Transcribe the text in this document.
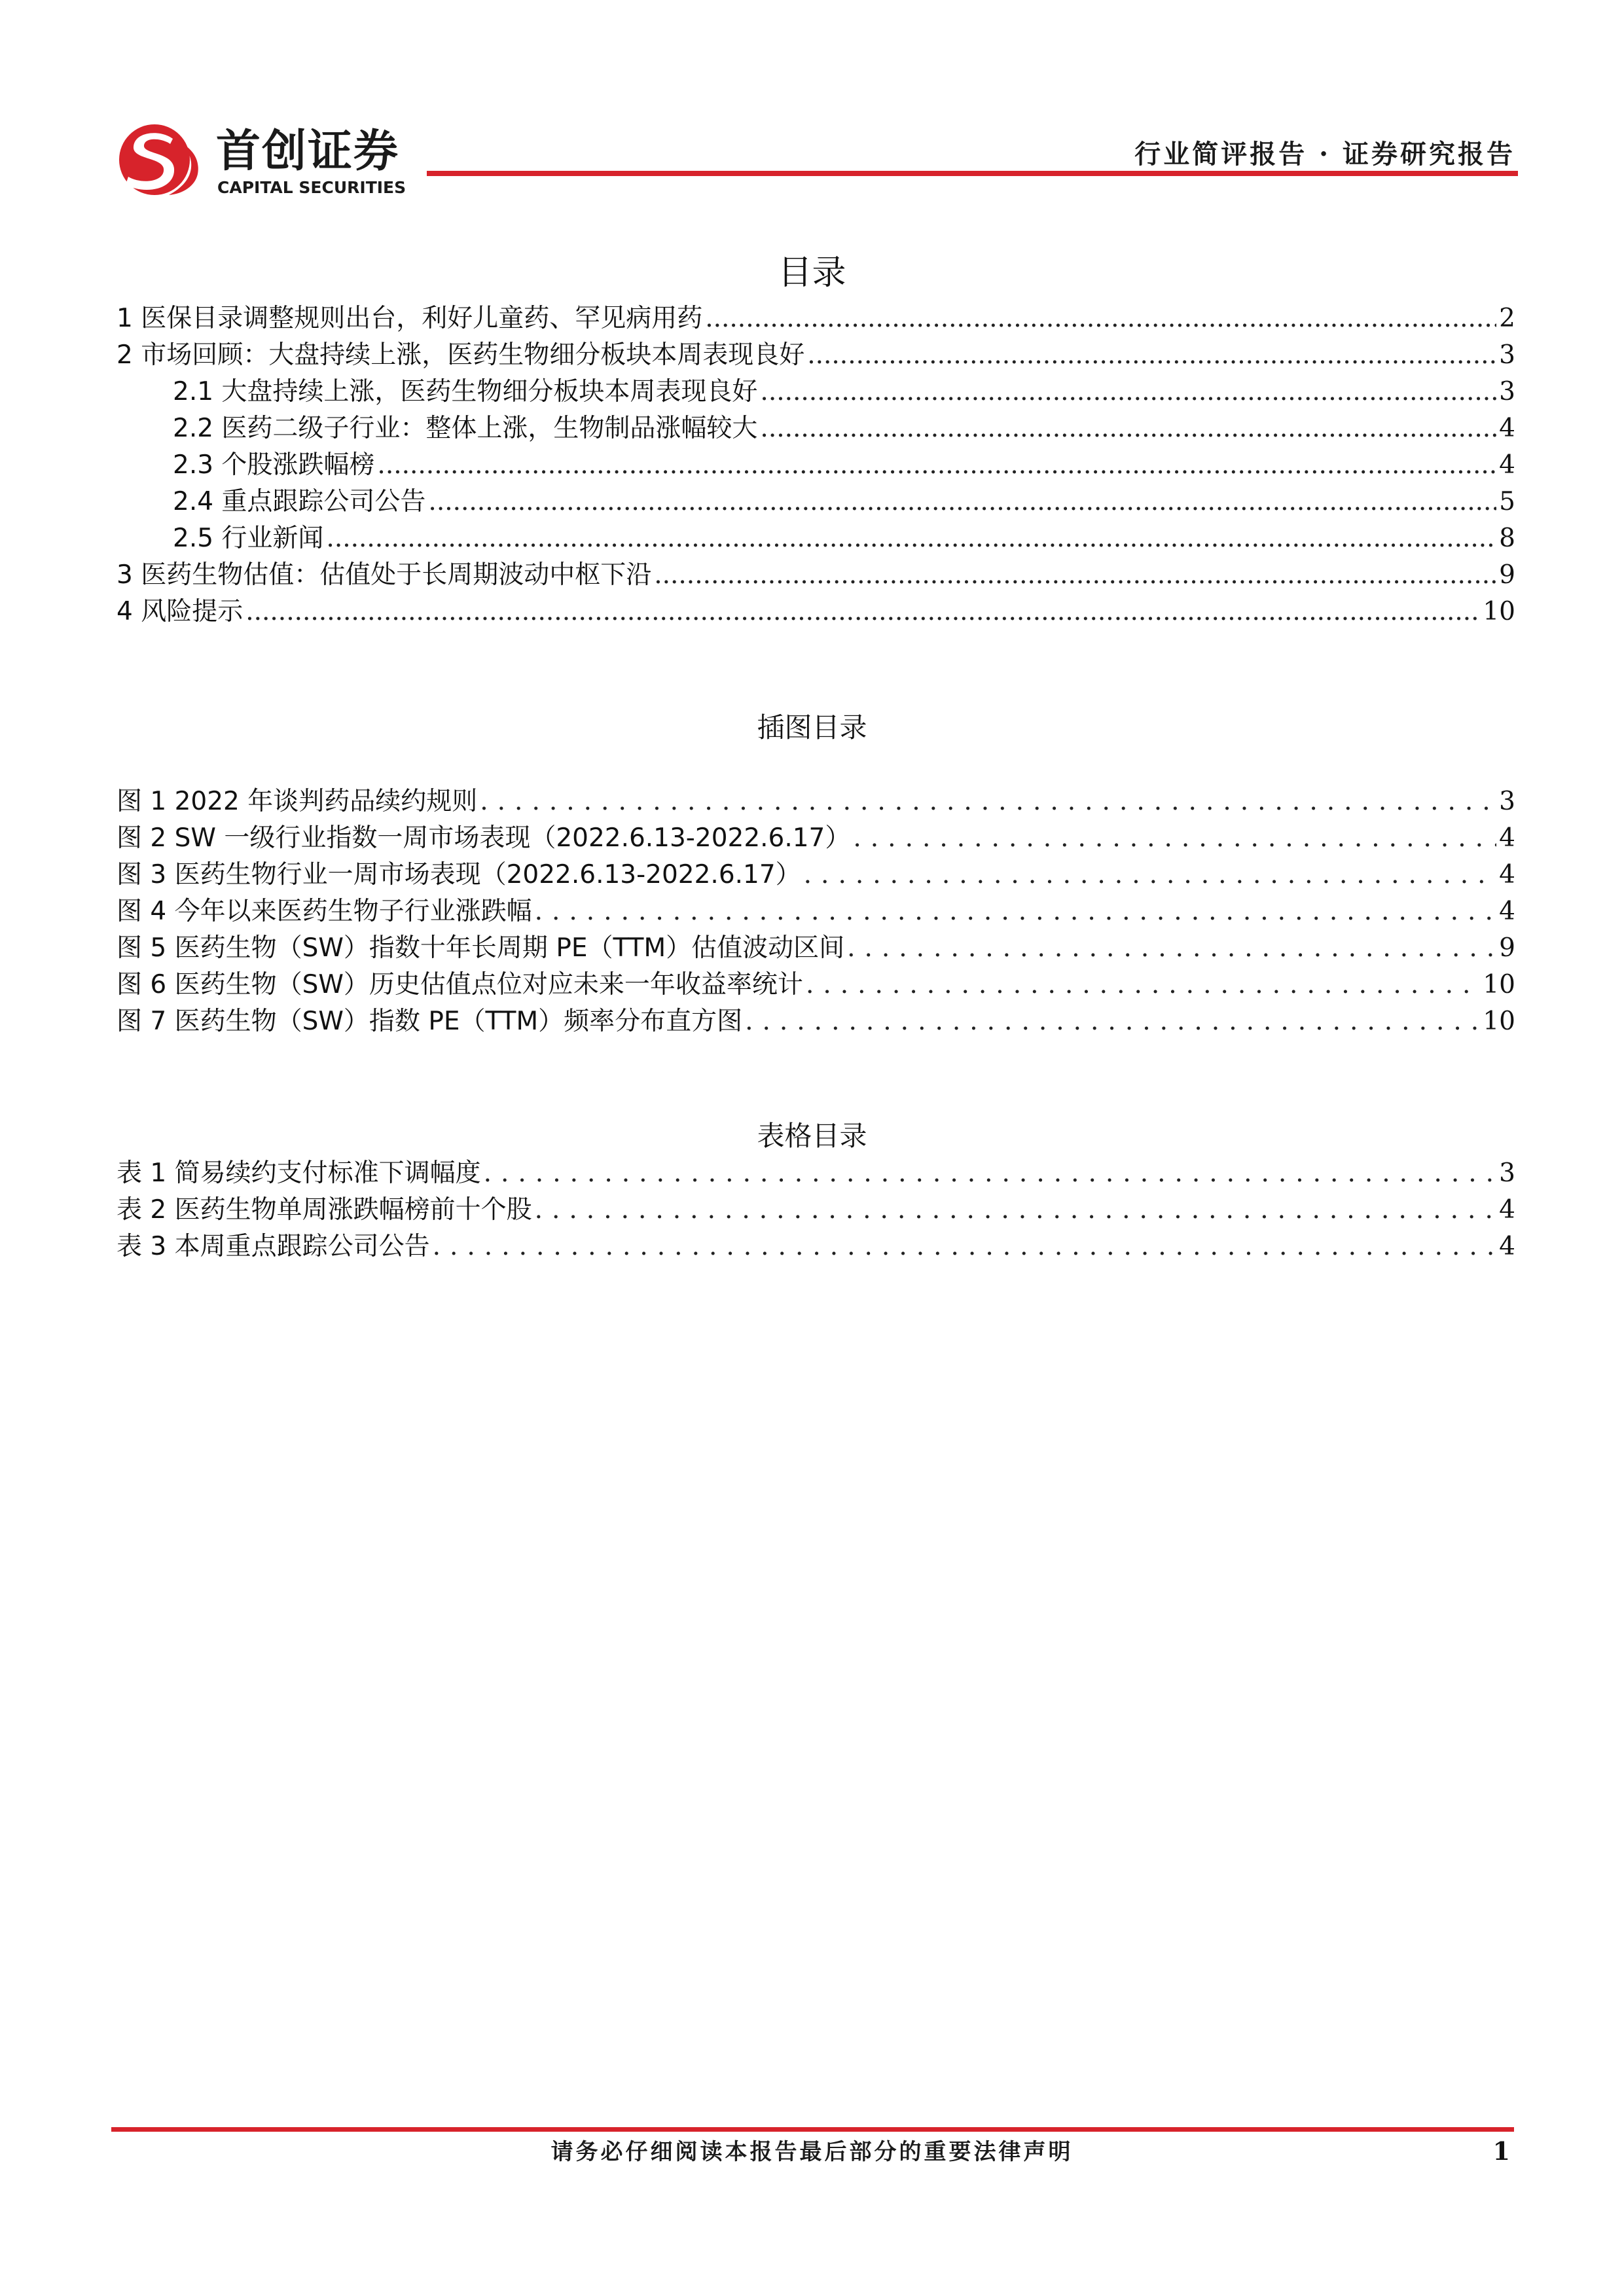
首创证券
CAPITAL SECURITIES
行业简评报告 · 证券研究报告
目录
1 医保目录调整规则出台，利好儿童药、罕见病用药 .....	2
2 市场回顾：大盘持续上涨，医药生物细分板块本周表现良好 .....	3
2.1 大盘持续上涨，医药生物细分板块本周表现良好 .....	3
2.2 医药二级子行业：整体上涨，生物制品涨幅较大 .....	4
2.3 个股涨跌幅榜 .....	4
2.4 重点跟踪公司公告 .....	5
2.5 行业新闻 .....	8
3 医药生物估值：估值处于长周期波动中枢下沿 .....	9
4 风险提示 .....	10
插图目录
图 1 2022 年谈判药品续约规则 .....	3
图 2 SW 一级行业指数一周市场表现（2022.6.13-2022.6.17） .....	4
图 3 医药生物行业一周市场表现（2022.6.13-2022.6.17） .....	4
图 4 今年以来医药生物子行业涨跌幅 .....	4
图 5 医药生物（SW）指数十年长周期 PE（TTM）估值波动区间 .....	9
图 6 医药生物（SW）历史估值点位对应未来一年收益率统计 .....	10
图 7 医药生物（SW）指数 PE（TTM）频率分布直方图 .....	10
表格目录
表 1 简易续约支付标准下调幅度 .....	3
表 2 医药生物单周涨跌幅榜前十个股 .....	4
表 3 本周重点跟踪公司公告 .....	4
请务必仔细阅读本报告最后部分的重要法律声明	1
